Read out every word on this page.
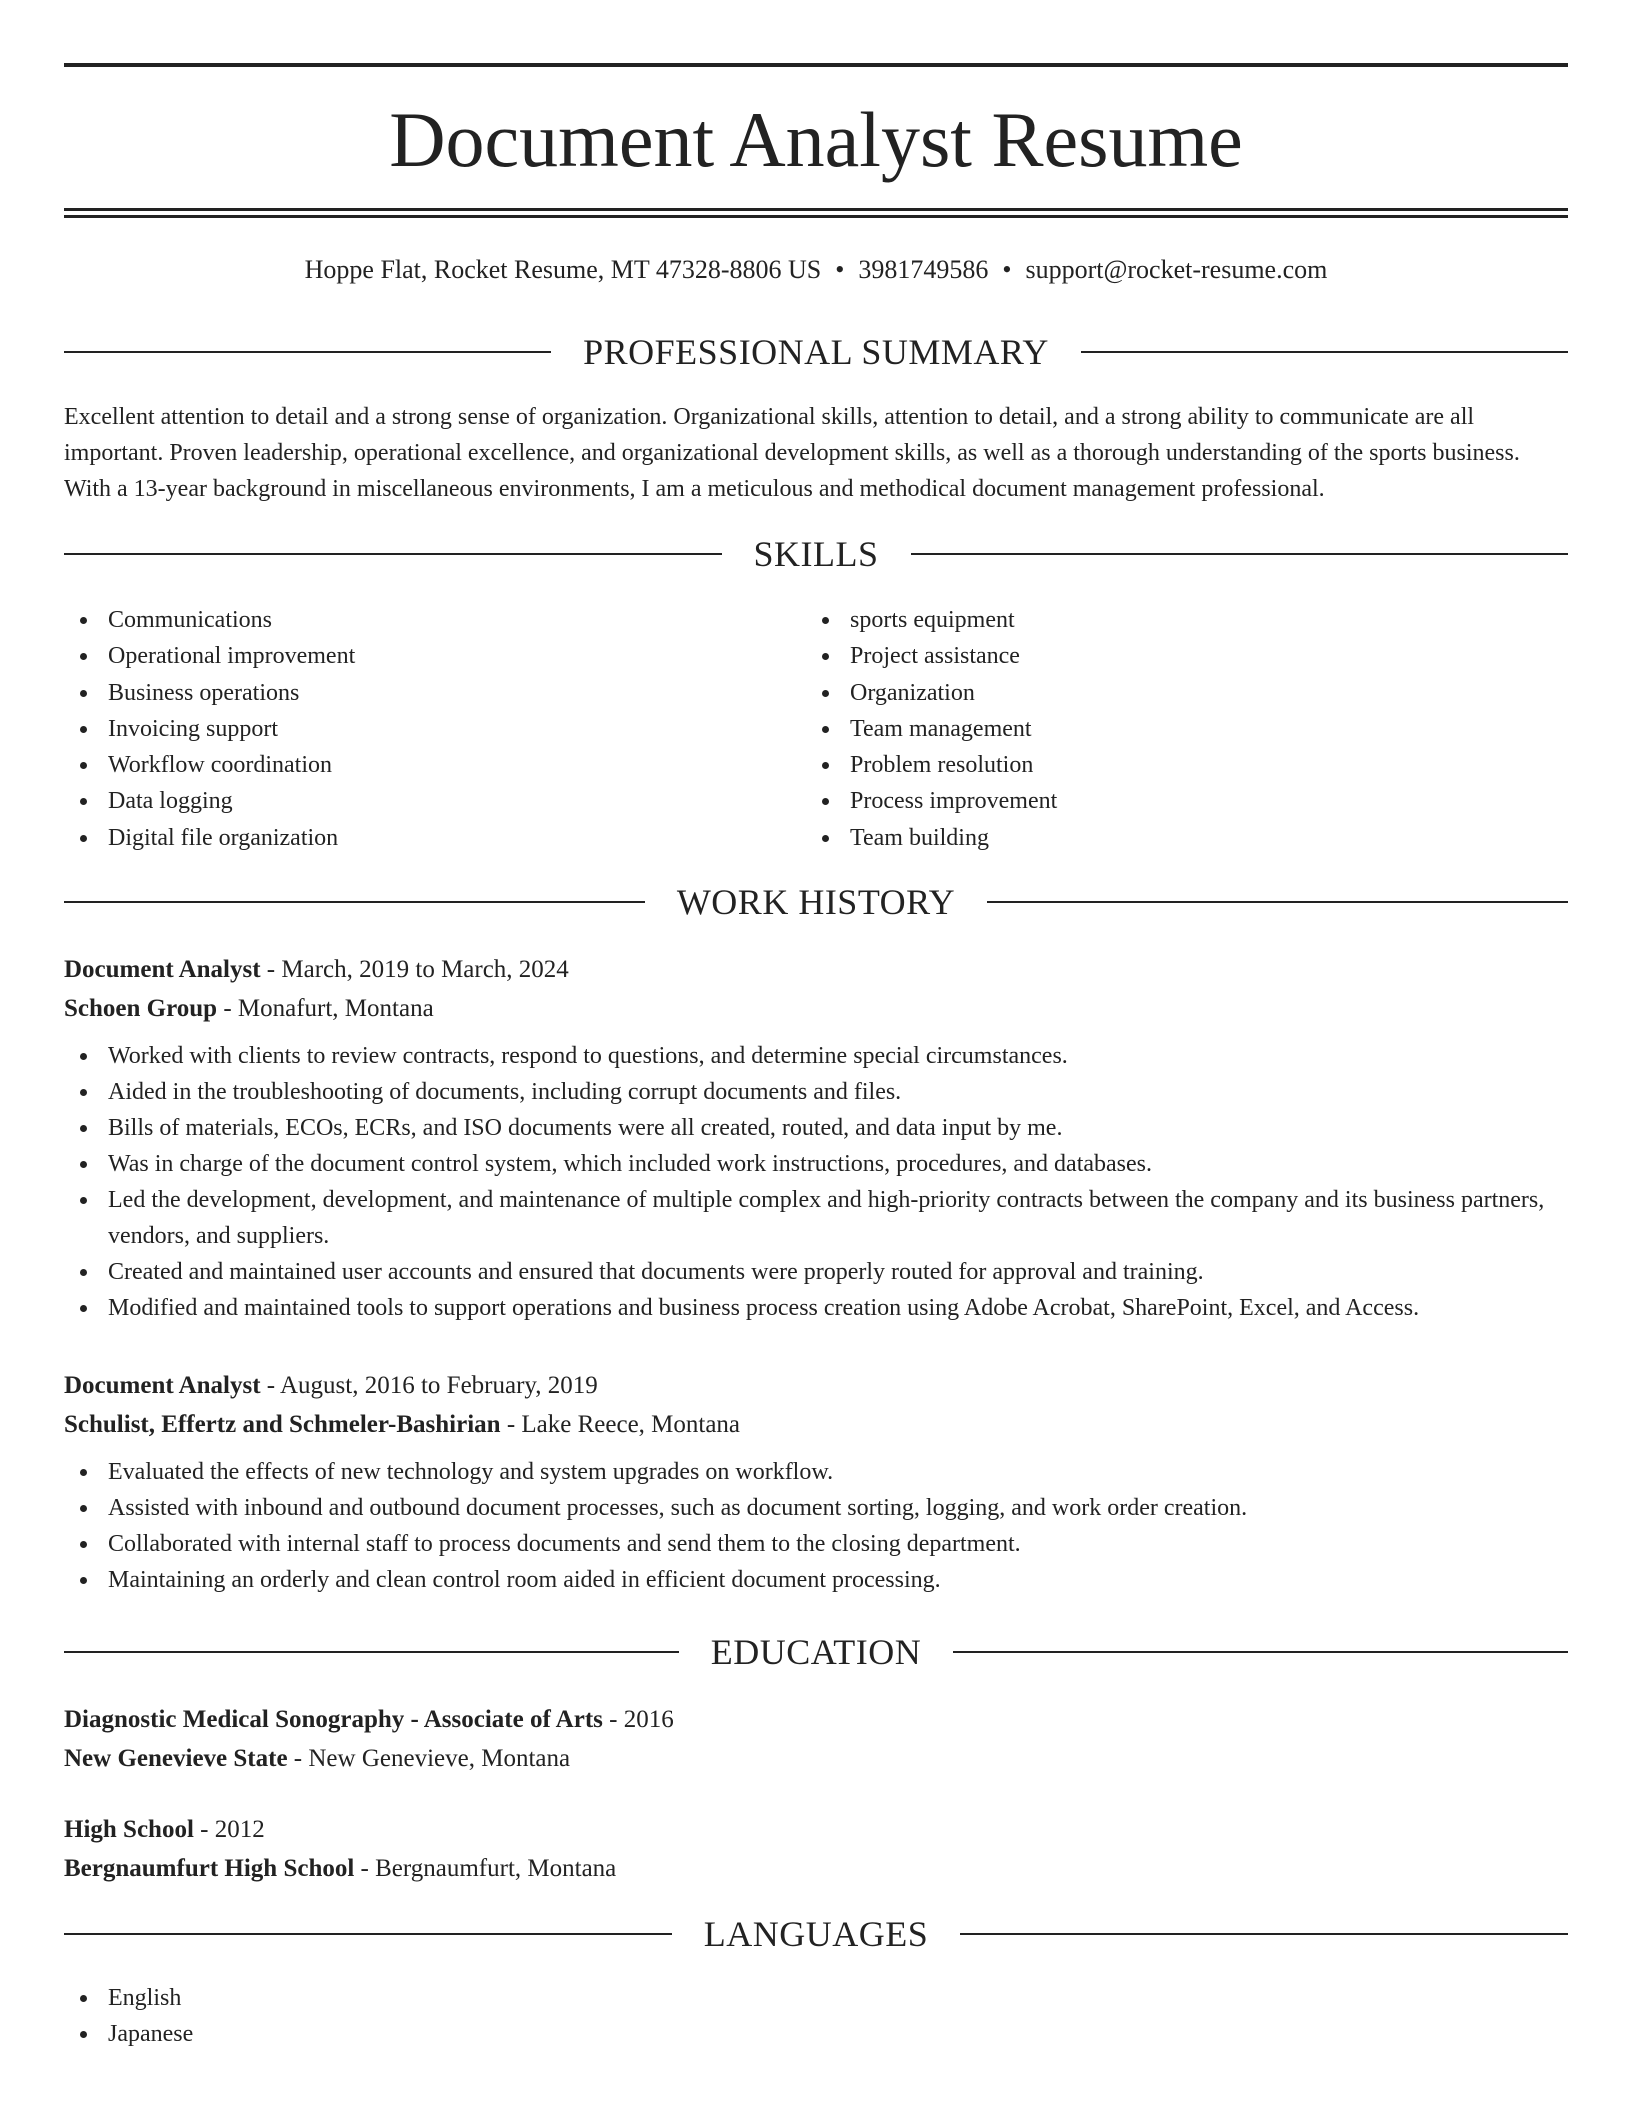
Document Analyst Resume
Hoppe Flat, Rocket Resume, MT 47328-8806 US • 3981749586 • support@rocket-resume.com
PROFESSIONAL SUMMARY

Excellent attention to detail and a strong sense of organization. Organizational skills, attention to detail, and a strong ability to communicate are all important. Proven leadership, operational excellence, and organizational development skills, as well as a thorough understanding of the sports business. With a 13-year background in miscellaneous environments, I am a meticulous and methodical document management professional.

SKILLS
Communications
Operational improvement
Business operations
Invoicing support
Workflow coordination
Data logging
Digital file organization
sports equipment
Project assistance
Organization
Team management
Problem resolution
Process improvement
Team building
WORK HISTORY
Document Analyst - March, 2019 to March, 2024
Schoen Group - Monafurt, Montana
Worked with clients to review contracts, respond to questions, and determine special circumstances.
Aided in the troubleshooting of documents, including corrupt documents and files.
Bills of materials, ECOs, ECRs, and ISO documents were all created, routed, and data input by me.
Was in charge of the document control system, which included work instructions, procedures, and databases.
Led the development, development, and maintenance of multiple complex and high-priority contracts between the company and its business partners, vendors, and suppliers.
Created and maintained user accounts and ensured that documents were properly routed for approval and training.
Modified and maintained tools to support operations and business process creation using Adobe Acrobat, SharePoint, Excel, and Access.
Document Analyst - August, 2016 to February, 2019
Schulist, Effertz and Schmeler-Bashirian - Lake Reece, Montana
Evaluated the effects of new technology and system upgrades on workflow.
Assisted with inbound and outbound document processes, such as document sorting, logging, and work order creation.
Collaborated with internal staff to process documents and send them to the closing department.
Maintaining an orderly and clean control room aided in efficient document processing.
EDUCATION
Diagnostic Medical Sonography - Associate of Arts - 2016
New Genevieve State - New Genevieve, Montana
High School - 2012
Bergnaumfurt High School - Bergnaumfurt, Montana
LANGUAGES
English
Japanese
